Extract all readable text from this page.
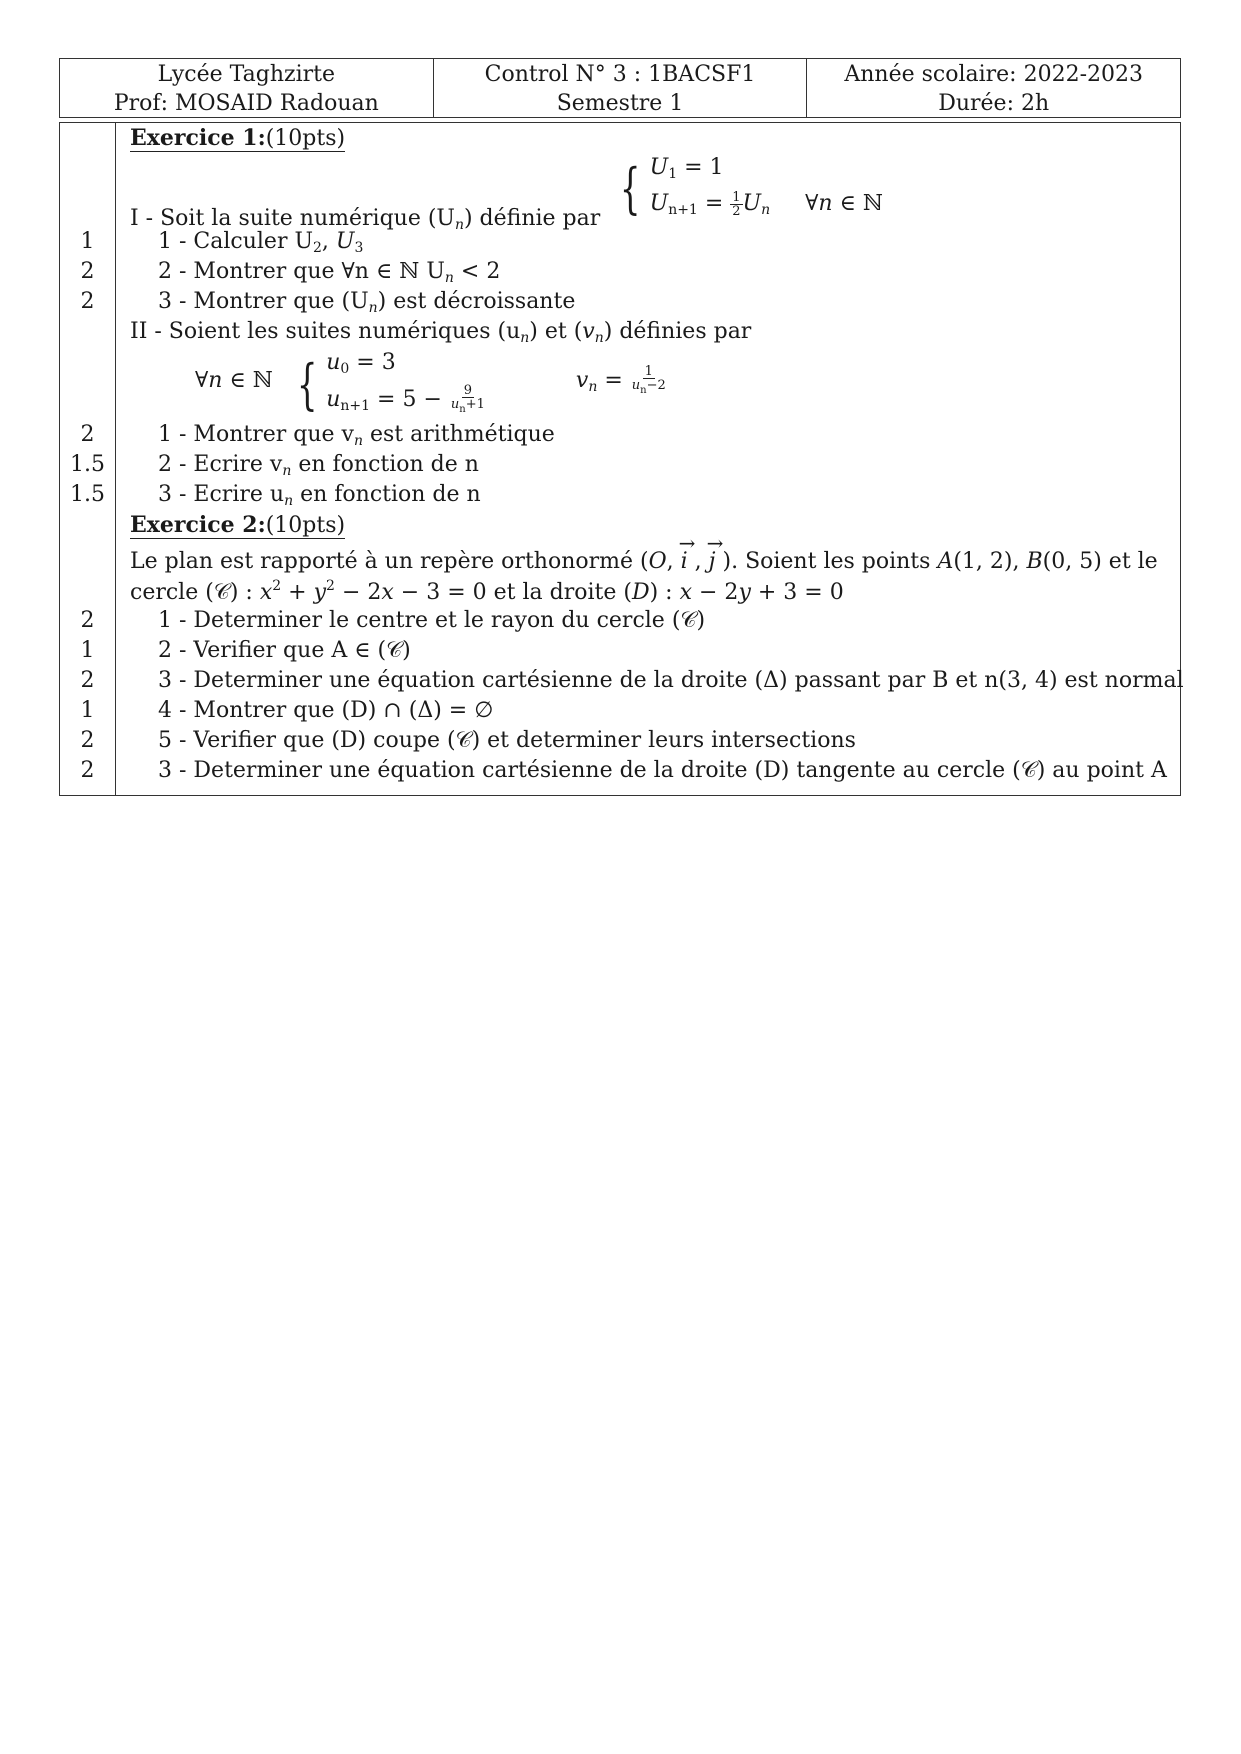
Lycée Taghzirte
Prof: MOSAID Radouan
Control N° 3 : 1BACSF1
Semestre 1
Année scolaire: 2022-2023
Durée: 2h
Exercice 1:(10pts)
I - Soit la suite numérique $(U_n)$ définie par { $U_1 = 1$
$U_{n+1} = \frac{1}{2} U_n$ ∀n ∈ ℕ
1	1 - Calculer $U_2$, $U_3$
2	2 - Montrer que ∀n ∈ ℕ $U_n < 2$
2	3 - Montrer que $(U_n)$ est décroissante
II - Soient les suites numériques $(u_n)$ et $(v_n)$ définies par
∀n ∈ ℕ { $u_0 = 3$
$u_{n+1} = 5 - \frac{9}{u_n+1}$
$v_n = \frac{1}{u_n-2}$
2	1 - Montrer que $v_n$ est arithmétique
1.5	2 - Ecrire $v_n$ en fonction de n
1.5	3 - Ecrire $u_n$ en fonction de n
Exercice 2:(10pts)
Le plan est rapporté à un repère orthonormé (O, → i , → j ). Soient les points A(1, 2), B(0, 5) et le
cercle (𝒞) : $x^2 + y^2 - 2x - 3 = 0$ et la droite (D) : x − 2y + 3 = 0
2	1 - Determiner le centre et le rayon du cercle (𝒞)
1	2 - Verifier que A ∈ (𝒞)
2	3 - Determiner une équation cartésienne de la droite (Δ) passant par B et n(3, 4) est normal
1	4 - Montrer que (D) ∩ (Δ) = ∅
2	5 - Verifier que (D) coupe (𝒞) et determiner leurs intersections
2	3 - Determiner une équation cartésienne de la droite (D) tangente au cercle (𝒞) au point A
